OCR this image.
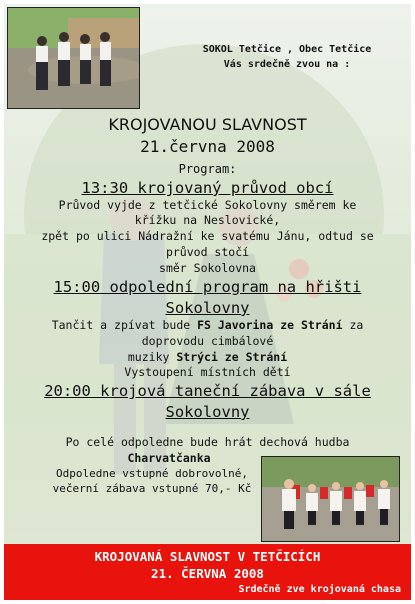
SOKOL Tetčice , Obec Tetčice
Vás srdečně zvou na :
KROJOVANOU SLAVNOST
21.června 2008
Program:
13:30 krojovaný průvod obcí
Průvod vyjde z tetčické Sokolovny směrem ke
křížku na Neslovické,
zpět po ulici Nádražní ke svatému Jánu, odtud se
průvod stočí
směr Sokolovna
15:00 odpolední program na hřišti
Sokolovny
Tančit a zpívat bude FS Javorina ze Strání za
doprovodu cimbálové
muziky Strýci ze Strání
Vystoupení místních dětí
20:00 krojová taneční zábava v sále
Sokolovny
Po celé odpoledne bude hrát dechová hudba
Charvatčanka
Odpoledne vstupné dobrovolné,
večerní zábava vstupné 70,- Kč
KROJOVANÁ SLAVNOST V TETČICÍCH
21. ČERVNA 2008
Srdečně zve krojovaná chasa
